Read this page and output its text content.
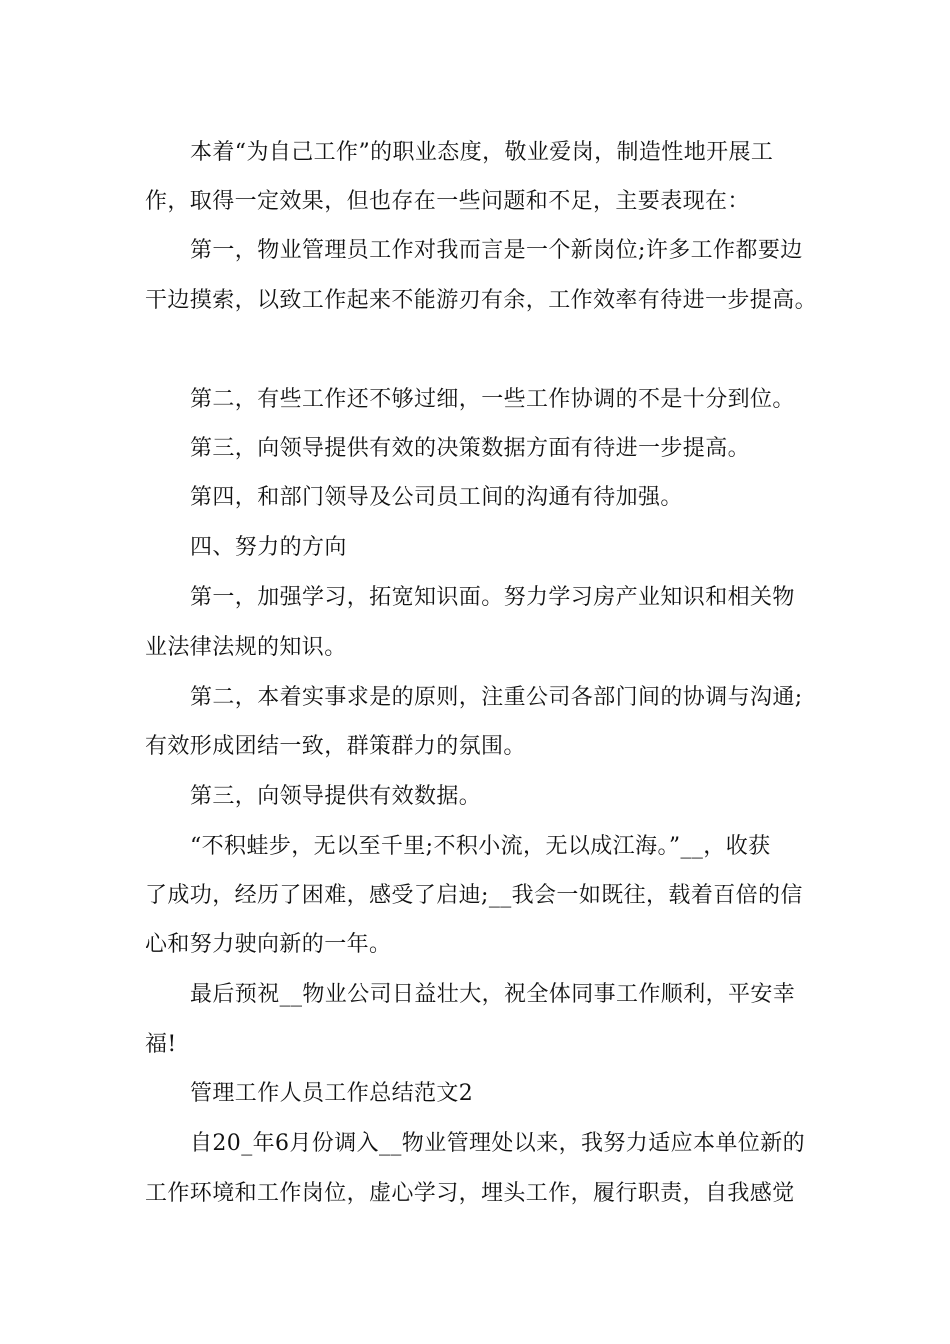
本着“为自己工作”的职业态度，敬业爱岗，制造性地开展工
作，取得一定效果，但也存在一些问题和不足，主要表现在：
第一，物业管理员工作对我而言是一个新岗位;许多工作都要边
干边摸索，以致工作起来不能游刃有余，工作效率有待进一步提高。
第二，有些工作还不够过细，一些工作协调的不是十分到位。
第三，向领导提供有效的决策数据方面有待进一步提高。
第四，和部门领导及公司员工间的沟通有待加强。
四、努力的方向
第一，加强学习，拓宽知识面。努力学习房产业知识和相关物
业法律法规的知识。
第二，本着实事求是的原则，注重公司各部门间的协调与沟通;
有效形成团结一致，群策群力的氛围。
第三，向领导提供有效数据。
“不积蛙步，无以至千里;不积小流，无以成江海。”__，收获
了成功，经历了困难，感受了启迪;__我会一如既往，载着百倍的信
心和努力驶向新的一年。
最后预祝__物业公司日益壮大，祝全体同事工作顺利，平安幸
福!
管理工作人员工作总结范文2
自20_年6月份调入__物业管理处以来，我努力适应本单位新的
工作环境和工作岗位，虚心学习，埋头工作，履行职责，自我感觉
